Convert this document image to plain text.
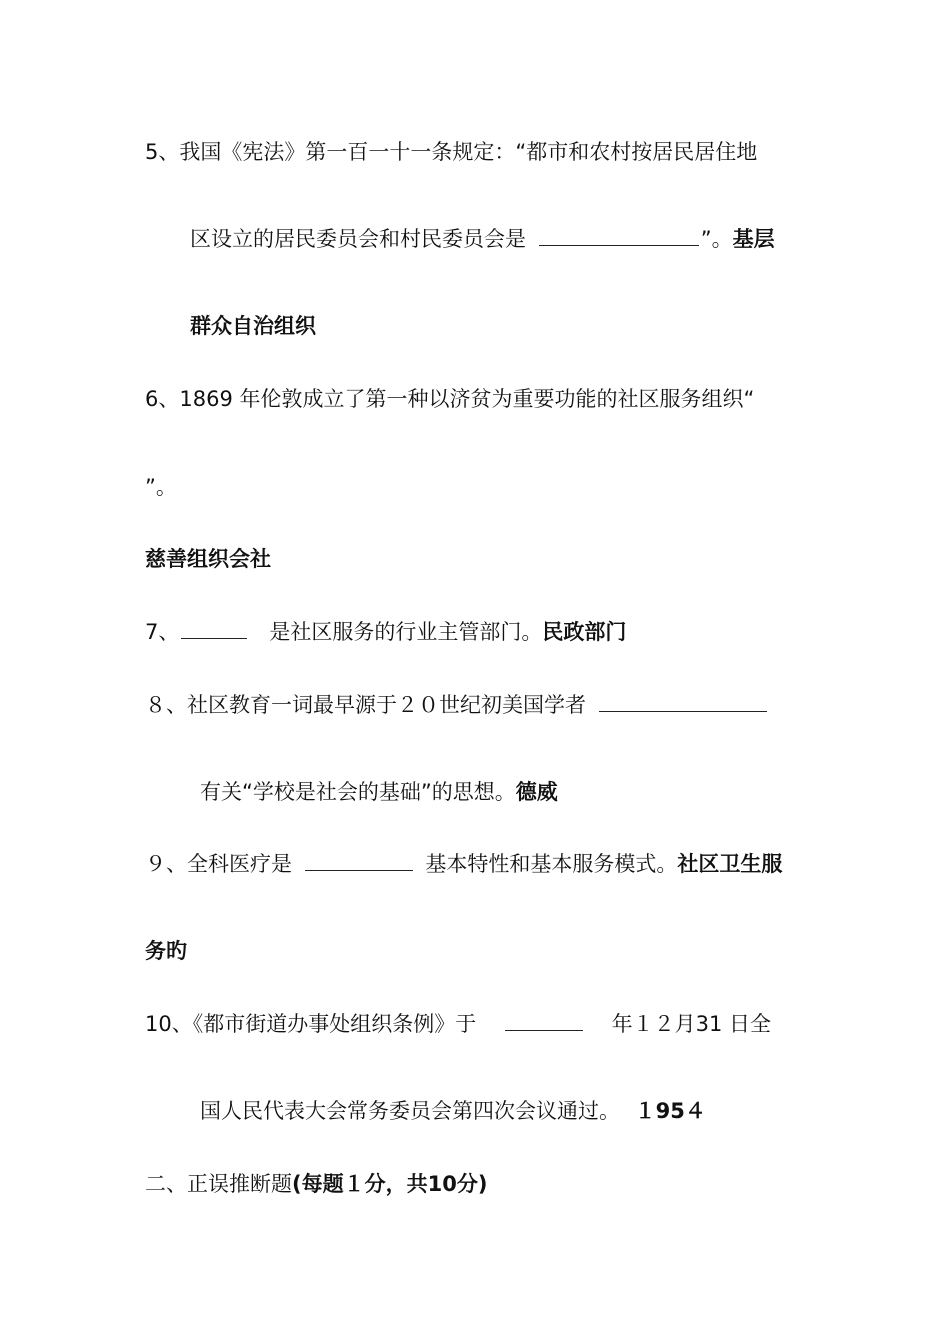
5、我国《宪法》第一百一十一条规定：“都市和农村按居民居住地
区设立的居民委员会和村民委员会是	”。基层
群众自治组织
6、1869 年伦敦成立了第一种以济贫为重要功能的社区服务组织“
”。
慈善组织会社
7、	是社区服务的行业主管部门。民政部门
８、社区教育一词最早源于２０世纪初美国学者
有关“学校是社会的基础”的思想。德威
９、全科医疗是	基本特性和基本服务模式。社区卫生服
务旳
10、《都市街道办事处组织条例》于	年１２月31 日全
国人民代表大会常务委员会第四次会议通过。 １95４
二、正误推断题(每题１分，共10分)
